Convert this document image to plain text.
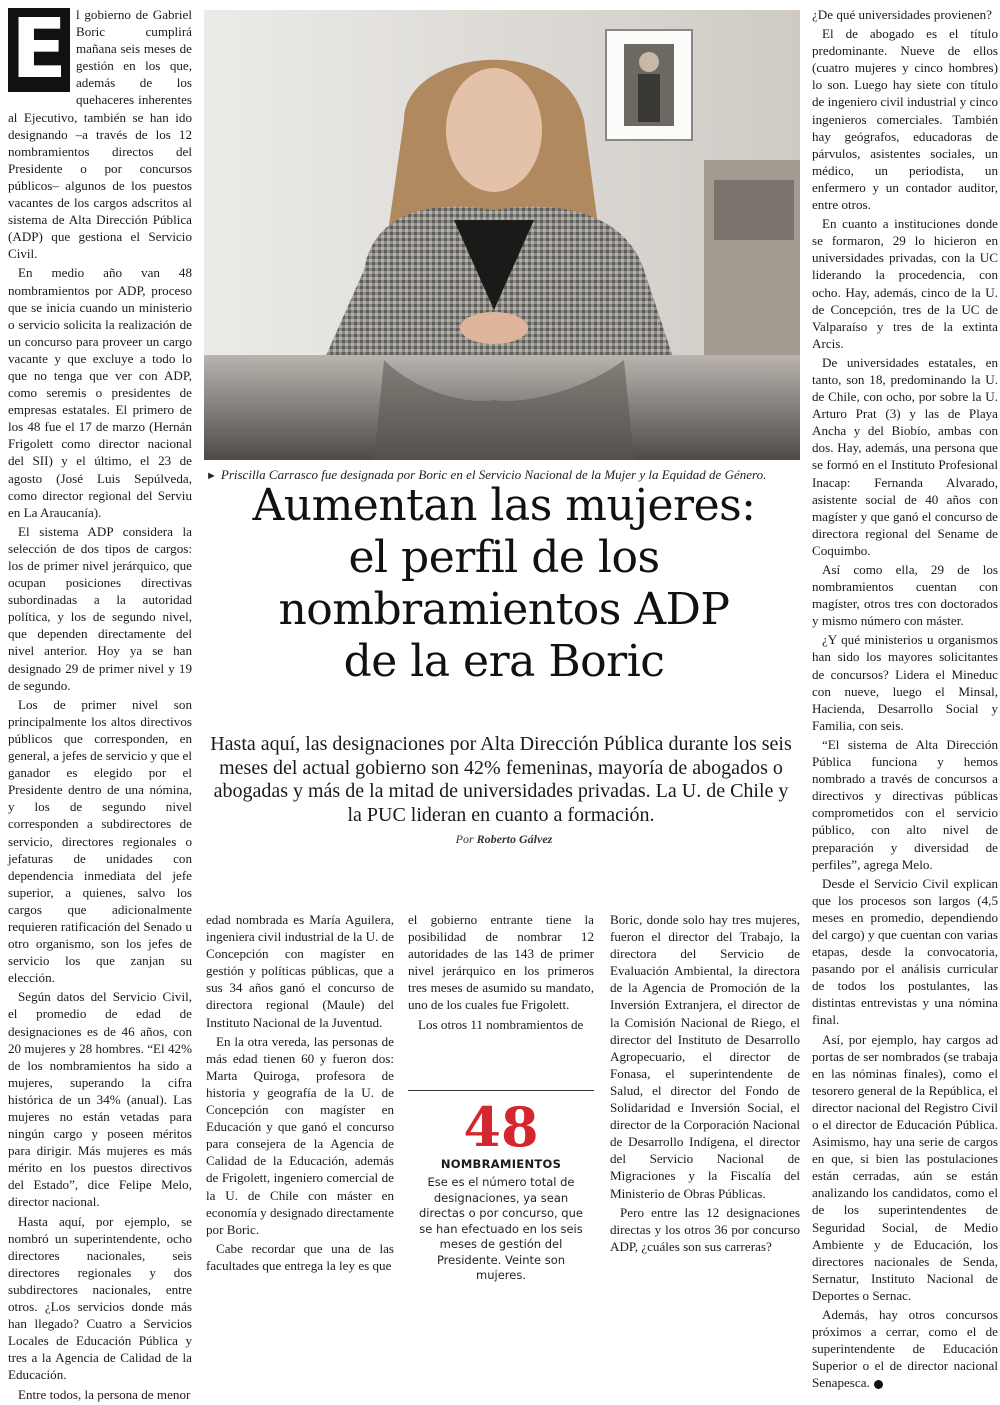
E l gobierno de Gabriel Boric cumplirá mañana seis meses de gestión en los que, además de los quehaceres inherentes al Ejecutivo, también se han ido designando –a través de los 12 nombramientos directos del Presidente o por concursos públicos– algunos de los puestos vacantes de los cargos adscritos al sistema de Alta Dirección Pública (ADP) que gestiona el Servicio Civil.

En medio año van 48 nombramientos por ADP, proceso que se inicia cuando un ministerio o servicio solicita la realización de un concurso para proveer un cargo vacante y que excluye a todo lo que no tenga que ver con ADP, como seremis o presidentes de empresas estatales. El primero de los 48 fue el 17 de marzo (Hernán Frigolett como director nacional del SII) y el último, el 23 de agosto (José Luis Sepúlveda, como director regional del Serviu en La Araucanía).

El sistema ADP considera la selección de dos tipos de cargos: los de primer nivel jerárquico, que ocupan posiciones directivas subordinadas a la autoridad política, y los de segundo nivel, que dependen directamente del nivel anterior. Hoy ya se han designado 29 de primer nivel y 19 de segundo.

Los de primer nivel son principalmente los altos directivos públicos que corresponden, en general, a jefes de servicio y que el ganador es elegido por el Presidente dentro de una nómina, y los de segundo nivel corresponden a subdirectores de servicio, directores regionales o jefaturas de unidades con dependencia inmediata del jefe superior, a quienes, salvo los cargos que adicionalmente requieren ratificación del Senado u otro organismo, son los jefes de servicio los que zanjan su elección.

Según datos del Servicio Civil, el promedio de edad de designaciones es de 46 años, con 20 mujeres y 28 hombres. “El 42% de los nombramientos ha sido a mujeres, superando la cifra histórica de un 34% (anual). Las mujeres no están vetadas para ningún cargo y poseen méritos para dirigir. Más mujeres es más mérito en los puestos directivos del Estado”, dice Felipe Melo, director nacional.

Hasta aquí, por ejemplo, se nombró un superintendente, ocho directores nacionales, seis directores regionales y dos subdirectores nacionales, entre otros. ¿Los servicios donde más han llegado? Cuatro a Servicios Locales de Educación Pública y tres a la Agencia de Calidad de la Educación.

Entre todos, la persona de menor

► Priscilla Carrasco fue designada por Boric en el Servicio Nacional de la Mujer y la Equidad de Género.
Aumentan las mujeres:
el perfil de los
nombramientos ADP
de la era Boric
Hasta aquí, las designaciones por Alta Dirección Pública durante los seis meses del actual gobierno son 42% femeninas, mayoría de abogados o abogadas y más de la mitad de universidades privadas. La U. de Chile y la PUC lideran en cuanto a formación.
Por Roberto Gálvez

edad nombrada es María Aguilera, ingeniera civil industrial de la U. de Concepción con magíster en gestión y políticas públicas, que a sus 34 años ganó el concurso de directora regional (Maule) del Instituto Nacional de la Juventud.

En la otra vereda, las personas de más edad tienen 60 y fueron dos: Marta Quiroga, profesora de historia y geografía de la U. de Concepción con magíster en Educación y que ganó el concurso para consejera de la Agencia de Calidad de la Educación, además de Frigolett, ingeniero comercial de la U. de Chile con máster en economía y designado directamente por Boric.

Cabe recordar que una de las facultades que entrega la ley es que

el gobierno entrante tiene la posibilidad de nombrar 12 autoridades de las 143 de primer nivel jerárquico en los primeros tres meses de asumido su mandato, uno de los cuales fue Frigolett.

Los otros 11 nombramientos de

48
NOMBRAMIENTOS
Ese es el número total de designaciones, ya sean directas o por concurso, que se han efectuado en los seis meses de gestión del Presidente. Veinte son mujeres.

Boric, donde solo hay tres mujeres, fueron el director del Trabajo, la directora del Servicio de Evaluación Ambiental, la directora de la Agencia de Promoción de la Inversión Extranjera, el director de la Comisión Nacional de Riego, el director del Instituto de Desarrollo Agropecuario, el director de Fonasa, el superintendente de Salud, el director del Fondo de Solidaridad e Inversión Social, el director de la Corporación Nacional de Desarrollo Indígena, el director del Servicio Nacional de Migraciones y la Fiscalía del Ministerio de Obras Públicas.

Pero entre las 12 designaciones directas y los otros 36 por concurso ADP, ¿cuáles son sus carreras?

¿De qué universidades provienen?

El de abogado es el título predominante. Nueve de ellos (cuatro mujeres y cinco hombres) lo son. Luego hay siete con título de ingeniero civil industrial y cinco ingenieros comerciales. También hay geógrafos, educadoras de párvulos, asistentes sociales, un médico, un periodista, un enfermero y un contador auditor, entre otros.

En cuanto a instituciones donde se formaron, 29 lo hicieron en universidades privadas, con la UC liderando la procedencia, con ocho. Hay, además, cinco de la U. de Concepción, tres de la UC de Valparaíso y tres de la extinta Arcis.

De universidades estatales, en tanto, son 18, predominando la U. de Chile, con ocho, por sobre la U. Arturo Prat (3) y las de Playa Ancha y del Biobío, ambas con dos. Hay, además, una persona que se formó en el Instituto Profesional Inacap: Fernanda Alvarado, asistente social de 40 años con magíster y que ganó el concurso de directora regional del Sename de Coquimbo.

Así como ella, 29 de los nombramientos cuentan con magíster, otros tres con doctorados y mismo número con máster.

¿Y qué ministerios u organismos han sido los mayores solicitantes de concursos? Lidera el Mineduc con nueve, luego el Minsal, Hacienda, Desarrollo Social y Familia, con seis.

“El sistema de Alta Dirección Pública funciona y hemos nombrado a través de concursos a directivos y directivas públicas comprometidos con el servicio público, con alto nivel de preparación y diversidad de perfiles”, agrega Melo.

Desde el Servicio Civil explican que los procesos son largos (4,5 meses en promedio, dependiendo del cargo) y que cuentan con varias etapas, desde la convocatoria, pasando por el análisis curricular de todos los postulantes, las distintas entrevistas y una nómina final.

Así, por ejemplo, hay cargos ad portas de ser nombrados (se trabaja en las nóminas finales), como el tesorero general de la República, el director nacional del Registro Civil o el director de Educación Pública. Asimismo, hay una serie de cargos en que, si bien las postulaciones están cerradas, aún se están analizando los candidatos, como el de los superintendentes de Seguridad Social, de Medio Ambiente y de Educación, los directores nacionales de Senda, Sernatur, Instituto Nacional de Deportes o Sernac.

Además, hay otros concursos próximos a cerrar, como el de superintendente de Educación Superior o el de director nacional Senapesca.
